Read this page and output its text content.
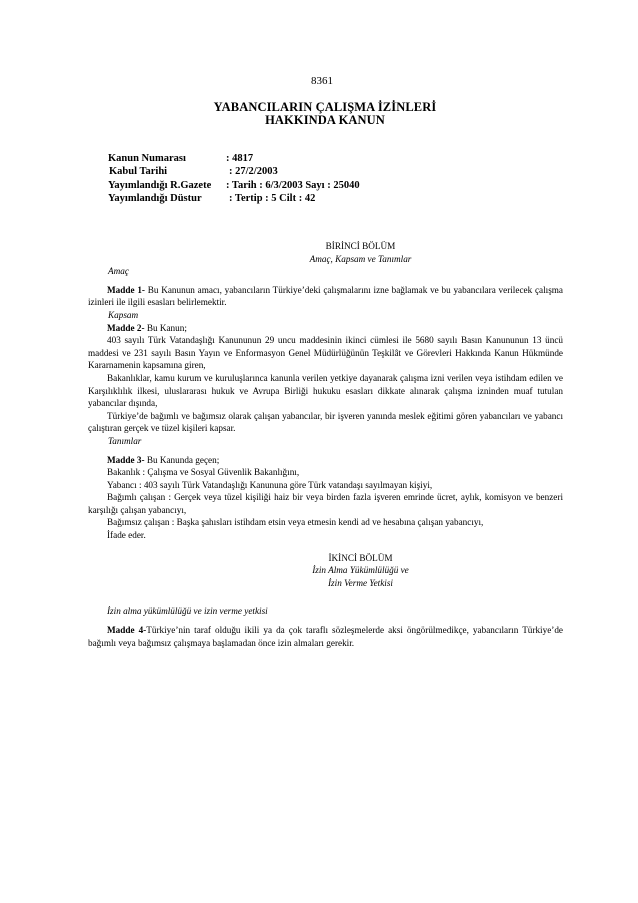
8361
YABANCILARIN ÇALIŞMA İZİNLERİ
HAKKINDA KANUN
Kanun Numarası	: 4817
Kabul Tarihi	: 27/2/2003
Yayımlandığı R.Gazete : Tarih : 6/3/2003 Sayı : 25040
Yayımlandığı Düstur	: Tertip : 5 Cilt : 42

BİRİNCİ BÖLÜM

Amaç, Kapsam ve Tanımlar

Amaç

Madde 1- Bu Kanunun amacı, yabancıların Türkiye’deki çalışmalarını izne bağlamak ve bu yabancılara verilecek çalışma izinleri ile ilgili esasları belirlemektir.

Kapsam

Madde 2- Bu Kanun;

403 sayılı Türk Vatandaşlığı Kanununun 29 uncu maddesinin ikinci cümlesi ile 5680 sayılı Basın Kanununun 13 üncü maddesi ve 231 sayılı Basın Yayın ve Enformasyon Genel Müdürlüğünün Teşkilât ve Görevleri Hakkında Kanun Hükmünde Kararnamenin kapsamına giren,

Bakanlıklar, kamu kurum ve kuruluşlarınca kanunla verilen yetkiye dayanarak çalışma izni verilen veya istihdam edilen ve Karşılıklılık ilkesi, uluslararası hukuk ve Avrupa Birliği hukuku esasları dikkate alınarak çalışma izninden muaf tutulan yabancılar dışında,

Türkiye’de bağımlı ve bağımsız olarak çalışan yabancılar, bir işveren yanında meslek eğitimi gören yabancıları ve yabancı çalıştıran gerçek ve tüzel kişileri kapsar.

Tanımlar

Madde 3- Bu Kanunda geçen;

Bakanlık : Çalışma ve Sosyal Güvenlik Bakanlığını,

Yabancı : 403 sayılı Türk Vatandaşlığı Kanununa göre Türk vatandaşı sayılmayan kişiyi,

Bağımlı çalışan : Gerçek veya tüzel kişiliği haiz bir veya birden fazla işveren emrinde ücret, aylık, komisyon ve benzeri karşılığı çalışan yabancıyı,

Bağımsız çalışan : Başka şahısları istihdam etsin veya etmesin kendi ad ve hesabına çalışan yabancıyı,

İfade eder.

İKİNCİ BÖLÜM

İzin Alma Yükümlülüğü ve

İzin Verme Yetkisi

İzin alma yükümlülüğü ve izin verme yetkisi

Madde 4-Türkiye’nin taraf olduğu ikili ya da çok taraflı sözleşmelerde aksi öngörülmedikçe, yabancıların Türkiye’de bağımlı veya bağımsız çalışmaya başlamadan önce izin almaları gerekir.
